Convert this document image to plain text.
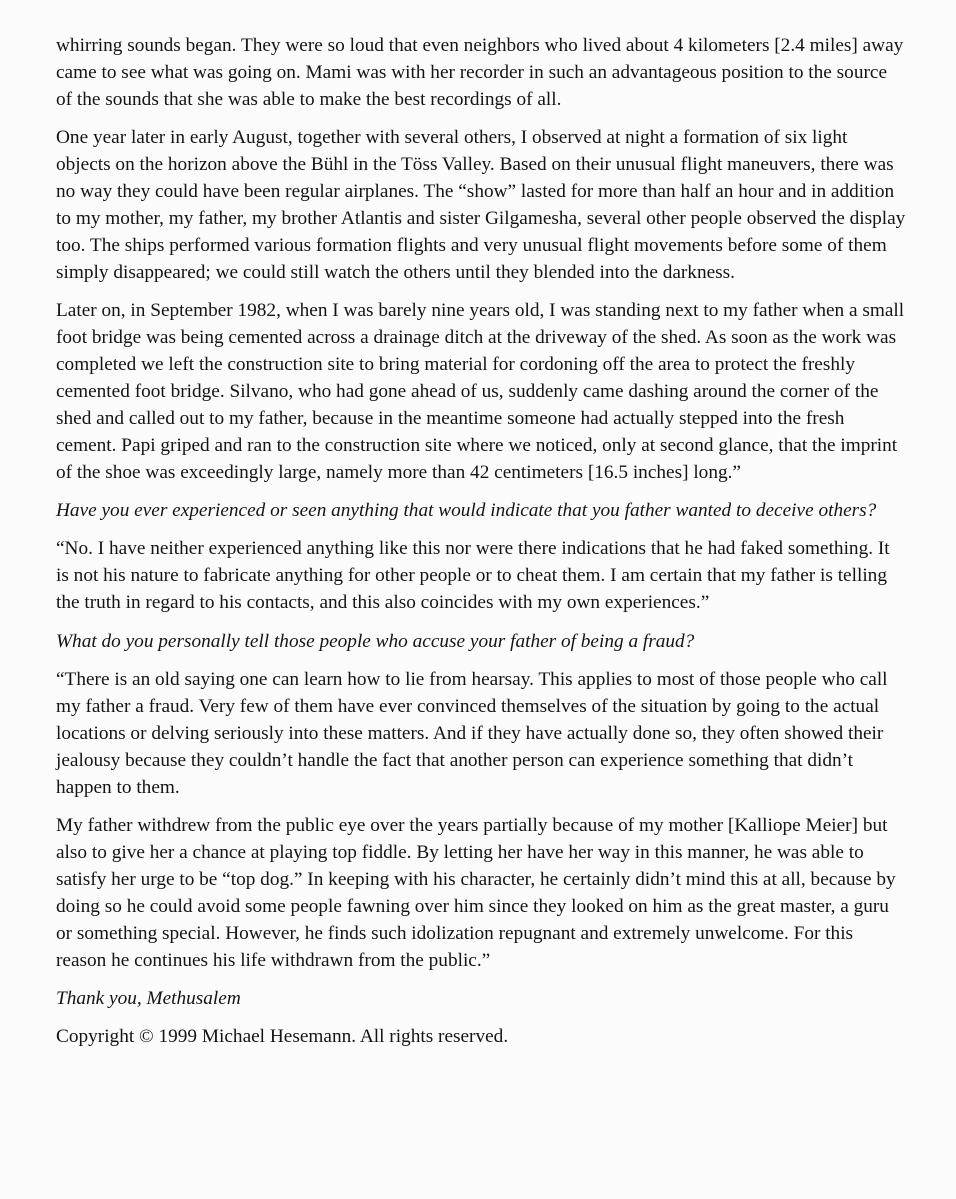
whirring sounds began. They were so loud that even neighbors who lived about 4 kilometers [2.4 miles] away came to see what was going on. Mami was with her recorder in such an advantageous position to the source of the sounds that she was able to make the best recordings of all.

One year later in early August, together with several others, I observed at night a formation of six light objects on the horizon above the Bühl in the Töss Valley. Based on their unusual flight maneuvers, there was no way they could have been regular airplanes. The “show” lasted for more than half an hour and in addition to my mother, my father, my brother Atlantis and sister Gilgamesha, several other people observed the display too. The ships performed various formation flights and very unusual flight movements before some of them simply disappeared; we could still watch the others until they blended into the darkness.

Later on, in September 1982, when I was barely nine years old, I was standing next to my father when a small foot bridge was being cemented across a drainage ditch at the driveway of the shed. As soon as the work was completed we left the construction site to bring material for cordoning off the area to protect the freshly cemented foot bridge. Silvano, who had gone ahead of us, suddenly came dashing around the corner of the shed and called out to my father, because in the meantime someone had actually stepped into the fresh cement. Papi griped and ran to the construction site where we noticed, only at second glance, that the imprint of the shoe was exceedingly large, namely more than 42 centimeters [16.5 inches] long.”

Have you ever experienced or seen anything that would indicate that you father wanted to deceive others?

“No. I have neither experienced anything like this nor were there indications that he had faked something. It is not his nature to fabricate anything for other people or to cheat them. I am certain that my father is telling the truth in regard to his contacts, and this also coincides with my own experiences.”

What do you personally tell those people who accuse your father of being a fraud?

“There is an old saying one can learn how to lie from hearsay. This applies to most of those people who call my father a fraud. Very few of them have ever convinced themselves of the situation by going to the actual locations or delving seriously into these matters. And if they have actually done so, they often showed their jealousy because they couldn’t handle the fact that another person can experience something that didn’t happen to them.

My father withdrew from the public eye over the years partially because of my mother [Kalliope Meier] but also to give her a chance at playing top fiddle. By letting her have her way in this manner, he was able to satisfy her urge to be “top dog.” In keeping with his character, he certainly didn’t mind this at all, because by doing so he could avoid some people fawning over him since they looked on him as the great master, a guru or something special. However, he finds such idolization repugnant and extremely unwelcome. For this reason he continues his life withdrawn from the public.”

Thank you, Methusalem

Copyright © 1999 Michael Hesemann. All rights reserved.
